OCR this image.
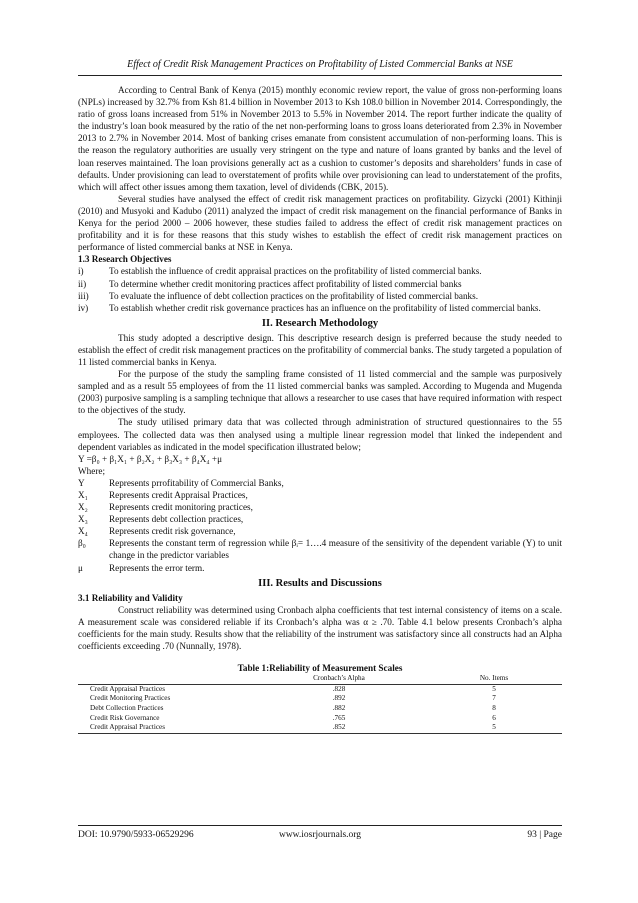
Effect of Credit Risk Management Practices on Profitability of Listed Commercial Banks at NSE

According to Central Bank of Kenya (2015) monthly economic review report, the value of gross non-performing loans (NPLs) increased by 32.7% from Ksh 81.4 billion in November 2013 to Ksh 108.0 billion in November 2014. Correspondingly, the ratio of gross loans increased from 51% in November 2013 to 5.5% in November 2014. The report further indicate the quality of the industry’s loan book measured by the ratio of the net non-performing loans to gross loans deteriorated from 2.3% in November 2013 to 2.7% in November 2014. Most of banking crises emanate from consistent accumulation of non-performing loans. This is the reason the regulatory authorities are usually very stringent on the type and nature of loans granted by banks and the level of loan reserves maintained. The loan provisions generally act as a cushion to customer’s deposits and shareholders’ funds in case of defaults. Under provisioning can lead to overstatement of profits while over provisioning can lead to understatement of the profits, which will affect other issues among them taxation, level of dividends (CBK, 2015).

Several studies have analysed the effect of credit risk management practices on profitability. Gizycki (2001) Kithinji (2010) and Musyoki and Kadubo (2011) analyzed the impact of credit risk management on the financial performance of Banks in Kenya for the period 2000 – 2006 however, these studies failed to address the effect of credit risk management practices on profitability and it is for these reasons that this study wishes to establish the effect of credit risk management practices on performance of listed commercial banks at NSE in Kenya.

1.3 Research Objectives

i)	To establish the influence of credit appraisal practices on the profitability of listed commercial banks.
ii)	To determine whether credit monitoring practices affect profitability of listed commercial banks
iii)	To evaluate the influence of debt collection practices on the profitability of listed commercial banks.
iv)	To establish whether credit risk governance practices has an influence on the profitability of listed commercial banks.
II. Research Methodology

This study adopted a descriptive design. This descriptive research design is preferred because the study needed to establish the effect of credit risk management practices on the profitability of commercial banks. The study targeted a population of 11 listed commercial banks in Kenya.

For the purpose of the study the sampling frame consisted of 11 listed commercial and the sample was purposively sampled and as a result 55 employees of from the 11 listed commercial banks was sampled. According to Mugenda and Mugenda (2003) purposive sampling is a sampling technique that allows a researcher to use cases that have required information with respect to the objectives of the study.

The study utilised primary data that was collected through administration of structured questionnaires to the 55 employees. The collected data was then analysed using a multiple linear regression model that linked the independent and dependent variables as indicated in the model specification illustrated below;

Y =β₀ + β₁X₁ + β₂X₂ + β₃X₃ + β₄X₄ +μ

Where;

Y	Represents prrofitability of Commercial Banks,
X₁	Represents credit Appraisal Practices,
X₂	Represents credit monitoring practices,
X₃	Represents debt collection practices,
X₄	Represents credit risk governance,
β₀	Represents the constant term of regression while βᵢ= 1….4 measure of the sensitivity of the dependent variable (Y) to unit change in the predictor variables
μ	Represents the error term.
III. Results and Discussions

3.1 Reliability and Validity

Construct reliability was determined using Cronbach alpha coefficients that test internal consistency of items on a scale. A measurement scale was considered reliable if its Cronbach’s alpha was α ≥ .70. Table 4.1 below presents Cronbach’s alpha coefficients for the main study. Results show that the reliability of the instrument was satisfactory since all constructs had an Alpha coefficients exceeding .70 (Nunnally, 1978).

Table 1:Reliability of Measurement Scales
	Cronbach’s Alpha	No. Items
Credit Appraisal Practices	.828	5
Credit Monitoring Practices	.892	7
Debt Collection Practices	.882	8
Credit Risk Governance	.765	6
Credit Appraisal Practices	.852	5
DOI: 10.9790/5933-06529296	www.iosrjournals.org	93 | Page
